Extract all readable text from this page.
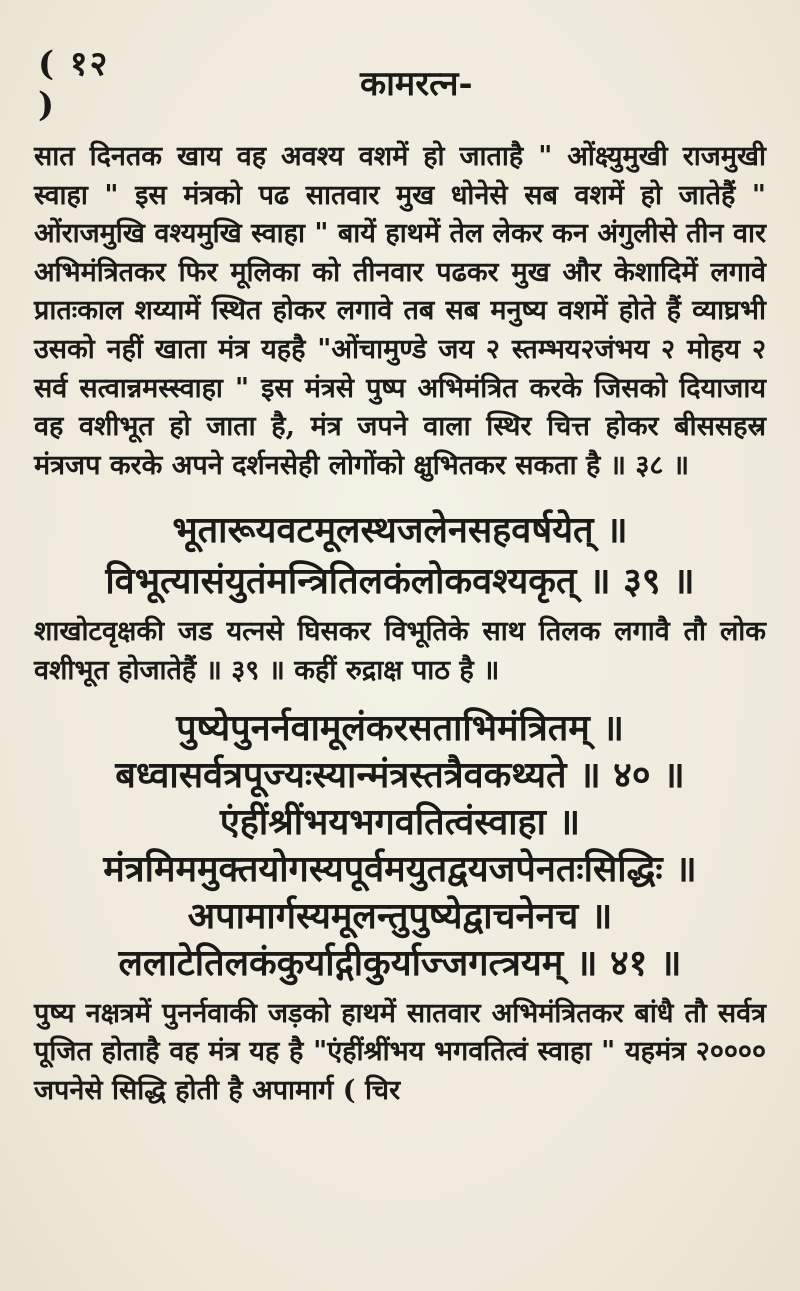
( १२ )
कामरत्न-

सात दिनतक खाय वह अवश्य वशमें हो जाताहै " ओंक्ष्युमुखी राजमुखी स्वाहा " इस मंत्रको पढ सातवार मुख धोनेसे सब वशमें हो जातेहैं " ओंराजमुखि वश्यमुखि स्वाहा " बायें हाथमें तेल लेकर कन अंगुलीसे तीन वार अभिमंत्रितकर फिर मूलिका को तीनवार पढकर मुख और केशादिमें लगावे प्रातःकाल शय्यामें स्थित होकर लगावे तब सब मनुष्य वशमें होते हैं व्याघ्रभी उसको नहीं खाता मंत्र यहहै "ओंचामुण्डे जय २ स्तम्भय२जंभय २ मोहय २ सर्व सत्वान्नमस्स्वाहा " इस मंत्रसे पुष्प अभिमंत्रित करके जिसको दियाजाय वह वशीभूत हो जाता है, मंत्र जपने वाला स्थिर चित्त होकर बीससहस्र मंत्रजप करके अपने दर्शनसेही लोगोंको क्षुभितकर सकता है ॥ ३८ ॥

भूतारूयवटमूलस्थजलेनसहवर्षयेत् ॥

विभूत्यासंयुतंमन्त्रितिलकंलोकवश्यकृत् ॥ ३९ ॥

शाखोटवृक्षकी जड यत्नसे घिसकर विभूतिके साथ तिलक लगावै तौ लोक वशीभूत होजातेहैं ॥ ३९ ॥ कहीं रुद्राक्ष पाठ है ॥

पुष्येपुनर्नवामूलंकरसताभिमंत्रितम् ॥

बध्वासर्वत्रपूज्यःस्यान्मंत्रस्तत्रैवकथ्यते ॥ ४० ॥

एंहींश्रींभयभगवतित्वंस्वाहा ॥

मंत्रमिममुक्तयोगस्यपूर्वमयुतद्वयजपेनतःसिद्धिः ॥

अपामार्गस्यमूलन्तुपुष्येद्वाचनेनच ॥

ललाटेतिलकंकुर्याद्गीकुर्याज्जगत्त्रयम् ॥ ४१ ॥

पुष्य नक्षत्रमें पुनर्नवाकी जड़को हाथमें सातवार अभिमंत्रितकर बांधै तौ सर्वत्र पूजित होताहै वह मंत्र यह है "एंहींश्रींभय भगवतित्वं स्वाहा " यहमंत्र २०००० जपनेसे सिद्धि होती है अपामार्ग ( चिर
